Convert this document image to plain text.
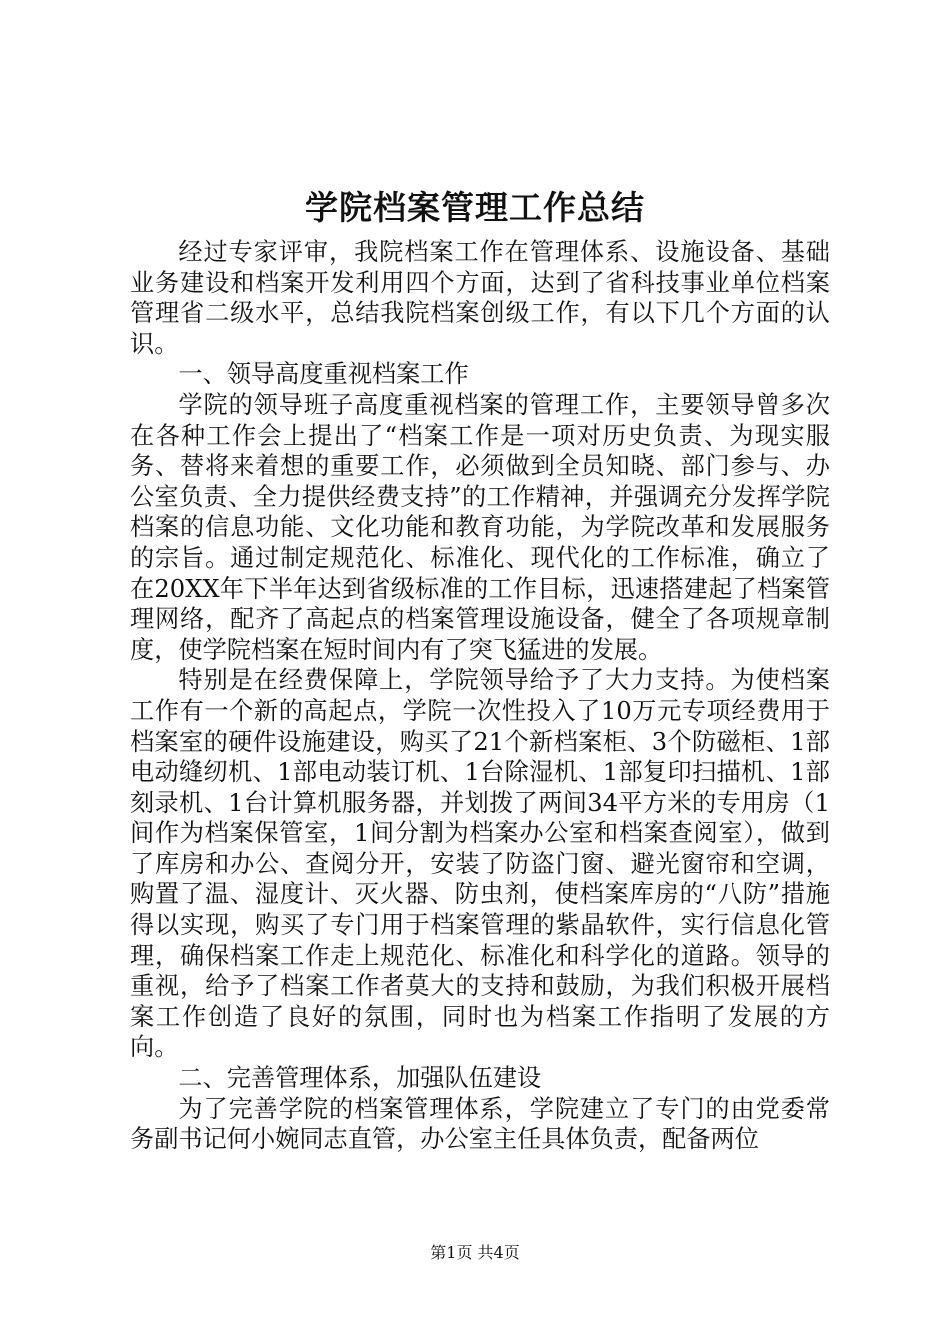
学院档案管理工作总结

经过专家评审，我院档案工作在管理体系、设施设备、基础业务建设和档案开发利用四个方面，达到了省科技事业单位档案管理省二级水平，总结我院档案创级工作，有以下几个方面的认识。

一、领导高度重视档案工作

学院的领导班子高度重视档案的管理工作，主要领导曾多次在各种工作会上提出了“档案工作是一项对历史负责、为现实服务、替将来着想的重要工作，必须做到全员知晓、部门参与、办公室负责、全力提供经费支持”的工作精神，并强调充分发挥学院档案的信息功能、文化功能和教育功能，为学院改革和发展服务的宗旨。通过制定规范化、标准化、现代化的工作标准，确立了在20XX年下半年达到省级标准的工作目标，迅速搭建起了档案管理网络，配齐了高起点的档案管理设施设备，健全了各项规章制度，使学院档案在短时间内有了突飞猛进的发展。

特别是在经费保障上，学院领导给予了大力支持。为使档案工作有一个新的高起点，学院一次性投入了10万元专项经费用于档案室的硬件设施建设，购买了21个新档案柜、3个防磁柜、1部电动缝纫机、1部电动装订机、1台除湿机、1部复印扫描机、1部刻录机、1台计算机服务器，并划拨了两间34平方米的专用房（1间作为档案保管室，1间分割为档案办公室和档案查阅室），做到了库房和办公、查阅分开，安装了防盗门窗、避光窗帘和空调，购置了温、湿度计、灭火器、防虫剂，使档案库房的“八防”措施得以实现，购买了专门用于档案管理的紫晶软件，实行信息化管理，确保档案工作走上规范化、标准化和科学化的道路。领导的重视，给予了档案工作者莫大的支持和鼓励，为我们积极开展档案工作创造了良好的氛围，同时也为档案工作指明了发展的方向。

二、完善管理体系，加强队伍建设

为了完善学院的档案管理体系，学院建立了专门的由党委常务副书记何小婉同志直管，办公室主任具体负责，配备两位

第1页 共4页
